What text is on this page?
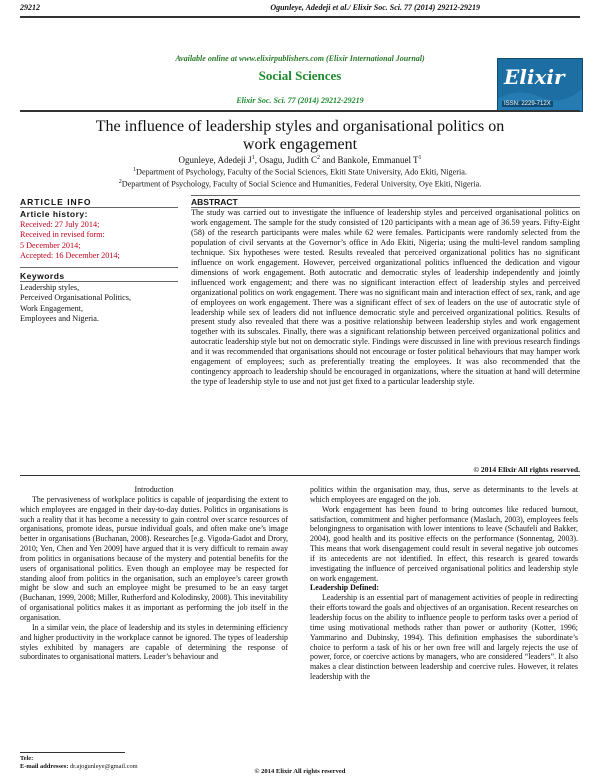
29212	Ogunleye, Adedeji et al./ Elixir Soc. Sci. 77 (2014) 29212-29219
Available online at www.elixirpublishers.com (Elixir International Journal)
Social Sciences
Elixir Soc. Sci. 77 (2014) 29212-29219
Elixir
ISSN: 2229-712X
The influence of leadership styles and organisational politics on work engagement
Ogunleye, Adedeji $J^1$, Osagu, Judith $C^2$ and Bankole, Emmanuel $T^1$
$^1$Department of Psychology, Faculty of the Social Sciences, Ekiti State University, Ado Ekiti, Nigeria.
$^2$Department of Psychology, Faculty of Social Science and Humanities, Federal University, Oye Ekiti, Nigeria.
ARTICLE INFO
Article history:
Received: 27 July 2014;
Received in revised form:
5 December 2014;
Accepted: 16 December 2014;
Keywords
Leadership styles,
Perceived Organisational Politics,
Work Engagement,
Employees and Nigeria.
ABSTRACT
The study was carried out to investigate the influence of leadership styles and perceived organisational politics on work engagement. The sample for the study consisted of 120 participants with a mean age of 36.59 years. Fifty-Eight (58) of the research participants were males while 62 were females. Participants were randomly selected from the population of civil servants at the Governor’s office in Ado Ekiti, Nigeria; using the multi-level random sampling technique. Six hypotheses were tested. Results revealed that perceived organizational politics has no significant influence on work engagement. However, perceived organizational politics influenced the dedication and vigour dimensions of work engagement. Both autocratic and democratic styles of leadership independently and jointly influenced work engagement; and there was no significant interaction effect of leadership styles and perceived organizational politics on work engagement. There was no significant main and interaction effect of sex, rank, and age of employees on work engagement. There was a significant effect of sex of leaders on the use of autocratic style of leadership while sex of leaders did not influence democratic style and perceived organizational politics. Results of present study also revealed that there was a positive relationship between leadership styles and work engagement together with its subscales. Finally, there was a significant relationship between perceived organizational politics and autocratic leadership style but not on democratic style. Findings were discussed in line with previous research findings and it was recommended that organisations should not encourage or foster political behaviours that may hamper work engagement of employees; such as preferentially treating the employees. It was also recommended that the contingency approach to leadership should be encouraged in organizations, where the situation at hand will determine the type of leadership style to use and not just get fixed to a particular leadership style.
© 2014 Elixir All rights reserved.

Introduction

The pervasiveness of workplace politics is capable of jeopardising the extent to which employees are engaged in their day-to-day duties. Politics in organisations is such a reality that it has become a necessity to gain control over scarce resources of organisations, promote ideas, pursue individual goals, and often make one’s image better in organisations (Buchanan, 2008). Researches [e.g. Vigoda-Gadot and Drory, 2010; Yen, Chen and Yen 2009] have argued that it is very difficult to remain away from politics in organisations because of the mystery and potential benefits for the users of organisational politics. Even though an employee may be respected for standing aloof from politics in the organisation, such an employee’s career growth might be slow and such an employee might be presumed to be an easy target (Buchanan, 1999, 2008; Miller, Rutherford and Kolodinsky, 2008). This inevitability of organisational politics makes it as important as performing the job itself in the organisation.

In a similar vein, the place of leadership and its styles in determining efficiency and higher productivity in the workplace cannot be ignored. The types of leadership styles exhibited by managers are capable of determining the response of subordinates to organisational matters. Leader’s behaviour and

politics within the organisation may, thus, serve as determinants to the levels at which employees are engaged on the job.

Work engagement has been found to bring outcomes like reduced burnout, satisfaction, commitment and higher performance (Maslach, 2003), employees feels belongingness to organisation with lower intentions to leave (Schaufeli and Bakker, 2004), good health and its positive effects on the performance (Sonnentag, 2003). This means that work disengagement could result in several negative job outcomes if its antecedents are not identified. In effect, this research is geared towards investigating the influence of perceived organisational politics and leadership style on work engagement.

Leadership Defined:

Leadership is an essential part of management activities of people in redirecting their efforts toward the goals and objectives of an organisation. Recent researches on leadership focus on the ability to influence people to perform tasks over a period of time using motivational methods rather than power or authority (Kotter, 1996; Yammarino and Dubinsky, 1994). This definition emphasises the subordinate’s choice to perform a task of his or her own free will and largely rejects the use of power, force, or coercive actions by managers, who are considered “leaders”. It also makes a clear distinction between leadership and coercive rules. However, it relates leadership with the

Tele:
E-mail addresses: dr.ajogunleye@gmail.com
© 2014 Elixir All rights reserved
